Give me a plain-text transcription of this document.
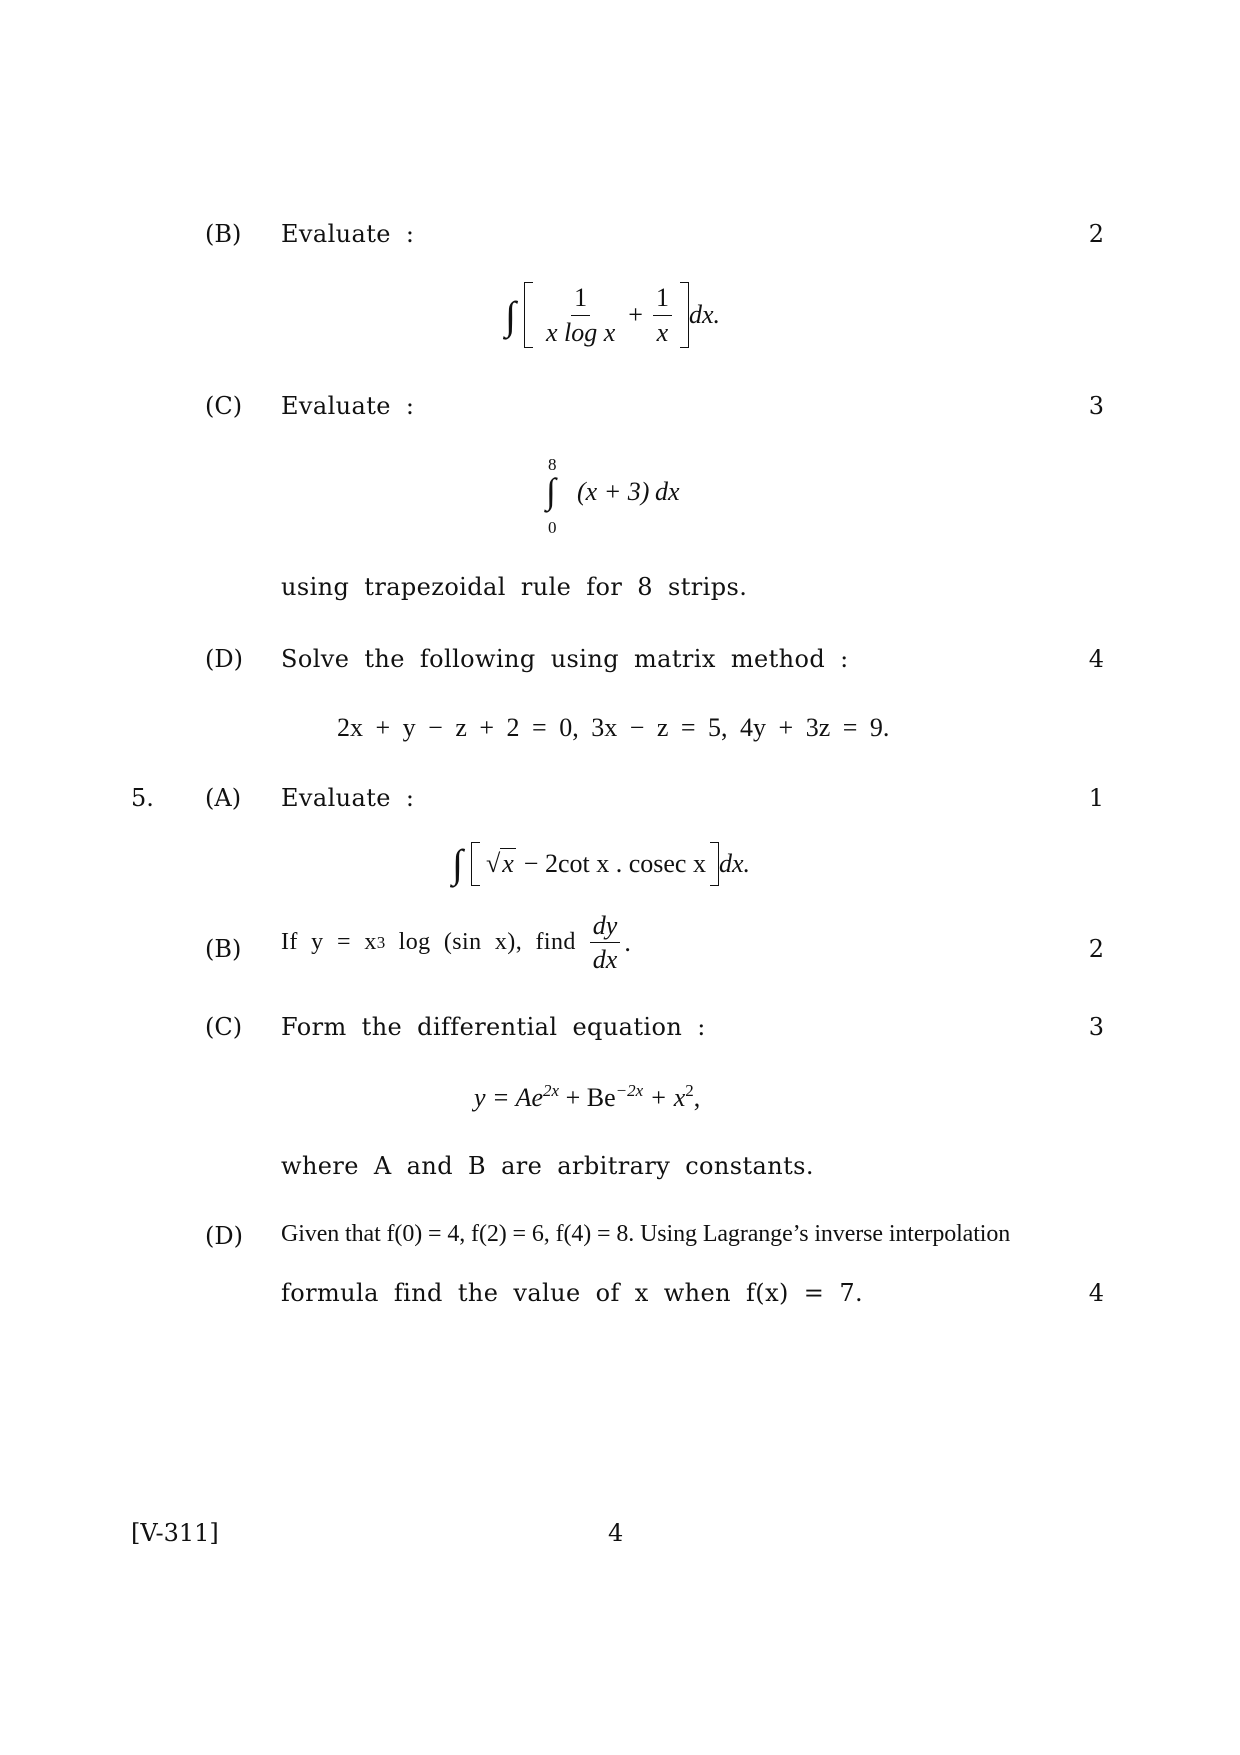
(B) Evaluate :	2
∫ $\frac{1}{\text{x log x}} + \frac{1}{x}$ dx.
(C) Evaluate :	3
8
∫
0
(x + 3) dx
using trapezoidal rule for 8 strips.
(D) Solve the following using matrix method :	4
2x + y − z + 2 = 0, 3x − z = 5, 4y + 3z = 9.
5. (A) Evaluate :	1
∫ √x − 2cot x . cosec x dx.
(B) If y = x 3 log (sin x), find $\frac{dy}{dx}$ .	2
(C) Form the differential equation :	3
$y = Ae^{2x} + Be^{-2x} + x^2$,
where A and B are arbitrary constants.
(D) Given that f(0) = 4, f(2) = 6, f(4) = 8. Using Lagrange’s inverse interpolation
formula find the value of x when f(x) = 7.	4
[V-311]	4
